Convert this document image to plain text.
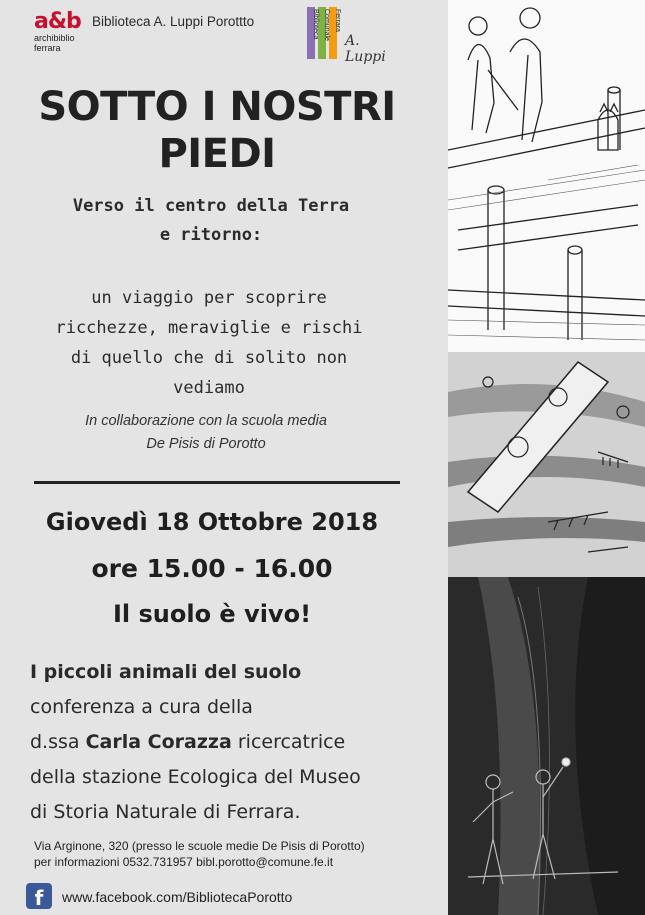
a&b
archibiblio
ferrara
Biblioteca A. Luppi Porottto	Biblioteca Comunale Ferrara
A. Luppi
SOTTO I NOSTRI
PIEDI
Verso il centro della Terra
e ritorno:
un viaggio per scoprire
ricchezze, meraviglie e rischi
di quello che di solito non
vediamo
In collaborazione con la scuola media
De Pisis di Porotto
Giovedì 18 Ottobre 2018
ore 15.00 - 16.00
Il suolo è vivo!
I piccoli animali del suolo
conferenza a cura della
d.ssa Carla Corazza ricercatrice
della stazione Ecologica del Museo
di Storia Naturale di Ferrara.
Via Arginone, 320 (presso le scuole medie De Pisis di Porotto)
per informazioni 0532.731957 bibl.porotto@comune.fe.it
f	www.facebook.com/BibliotecaPorotto
